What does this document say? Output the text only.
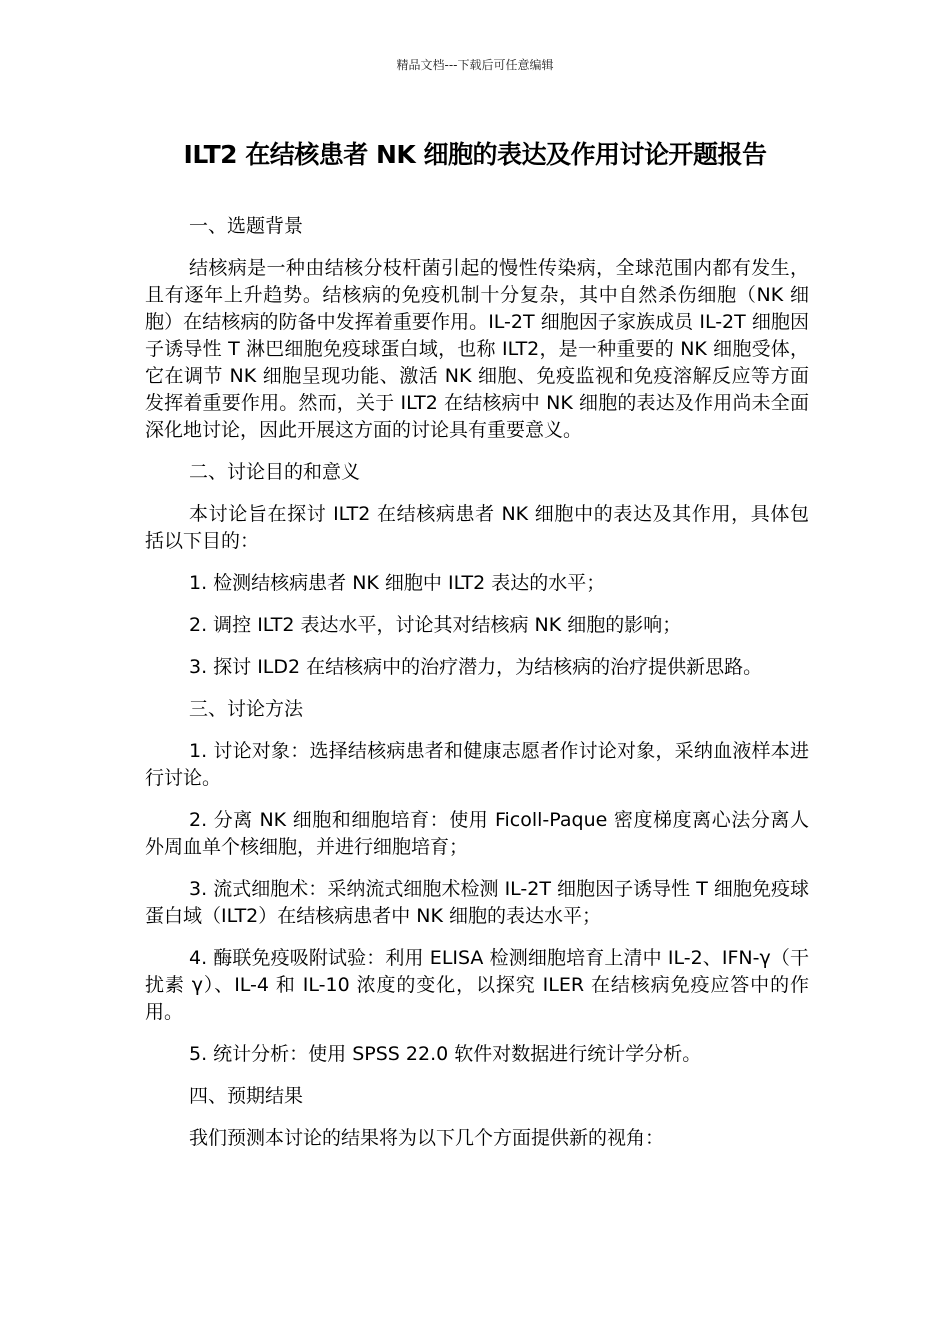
精品文档---下载后可任意编辑
ILT2 在结核患者 NK 细胞的表达及作用讨论开题报告

一、选题背景

结核病是一种由结核分枝杆菌引起的慢性传染病，全球范围内都有发生，且有逐年上升趋势。结核病的免疫机制十分复杂，其中自然杀伤细胞（NK 细胞）在结核病的防备中发挥着重要作用。IL-2T 细胞因子家族成员 IL-2T 细胞因子诱导性 T 淋巴细胞免疫球蛋白域，也称 ILT2，是一种重要的 NK 细胞受体，它在调节 NK 细胞呈现功能、激活 NK 细胞、免疫监视和免疫溶解反应等方面发挥着重要作用。然而，关于 ILT2 在结核病中 NK 细胞的表达及作用尚未全面深化地讨论，因此开展这方面的讨论具有重要意义。

二、讨论目的和意义

本讨论旨在探讨 ILT2 在结核病患者 NK 细胞中的表达及其作用，具体包括以下目的：

1. 检测结核病患者 NK 细胞中 ILT2 表达的水平；

2. 调控 ILT2 表达水平，讨论其对结核病 NK 细胞的影响；

3. 探讨 ILD2 在结核病中的治疗潜力，为结核病的治疗提供新思路。

三、讨论方法

1. 讨论对象：选择结核病患者和健康志愿者作讨论对象，采纳血液样本进行讨论。

2. 分离 NK 细胞和细胞培育：使用 Ficoll-Paque 密度梯度离心法分离人外周血单个核细胞，并进行细胞培育；

3. 流式细胞术：采纳流式细胞术检测 IL-2T 细胞因子诱导性 T 细胞免疫球蛋白域（ILT2）在结核病患者中 NK 细胞的表达水平；

4. 酶联免疫吸附试验：利用 ELISA 检测细胞培育上清中 IL-2、IFN-γ（干扰素 γ）、IL-4 和 IL-10 浓度的变化，以探究 ILER 在结核病免疫应答中的作用。

5. 统计分析：使用 SPSS 22.0 软件对数据进行统计学分析。

四、预期结果

我们预测本讨论的结果将为以下几个方面提供新的视角：
